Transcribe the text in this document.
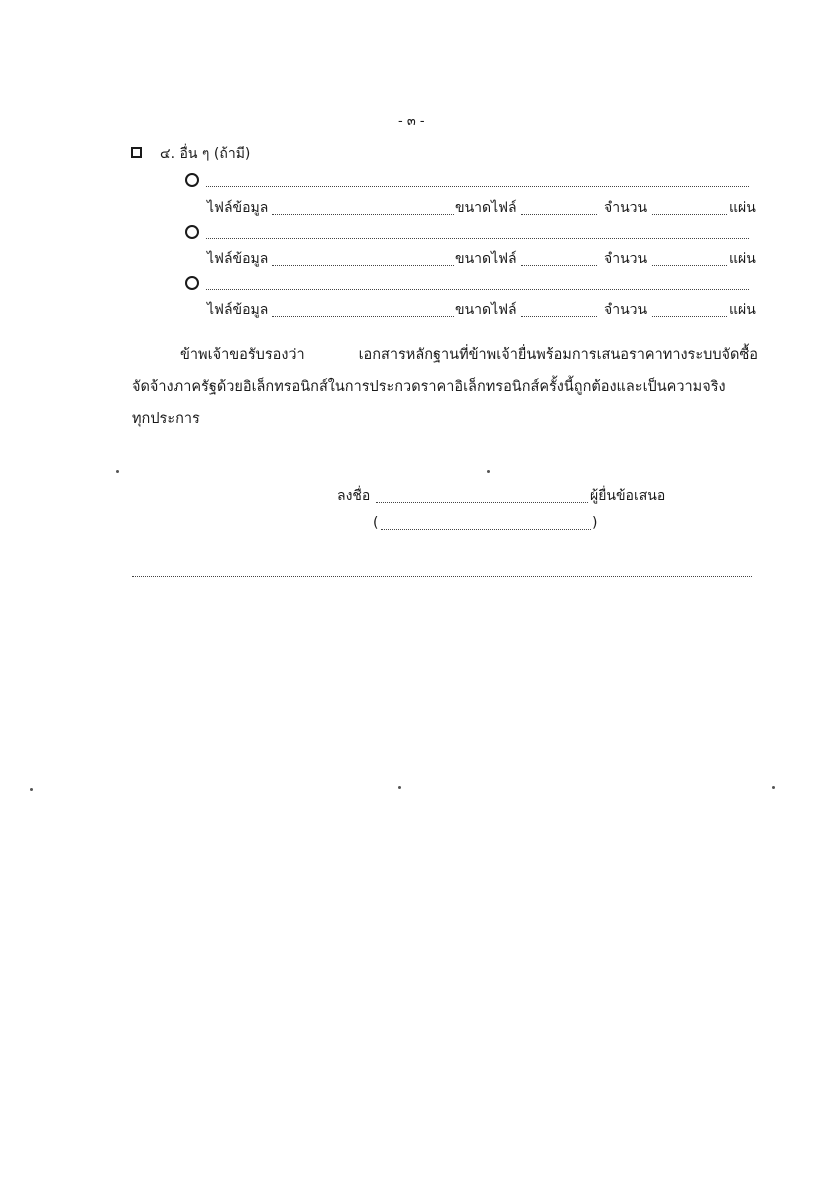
- ๓ -
๔. อื่น ๆ (ถ้ามี)
ไฟล์ข้อมูล	ขนาดไฟล์	จำนวน	แผ่น
ไฟล์ข้อมูล	ขนาดไฟล์	จำนวน	แผ่น
ไฟล์ข้อมูล	ขนาดไฟล์	จำนวน	แผ่น
ข้าพเจ้าขอรับรองว่า เอกสารหลักฐานที่ข้าพเจ้ายื่นพร้อมการเสนอราคาทางระบบจัดซื้อ
จัดจ้างภาครัฐด้วยอิเล็กทรอนิกส์ในการประกวดราคาอิเล็กทรอนิกส์ครั้งนี้ถูกต้องและเป็นความจริง
ทุกประการ
ลงชื่อ	ผู้ยื่นข้อเสนอ
(	)
